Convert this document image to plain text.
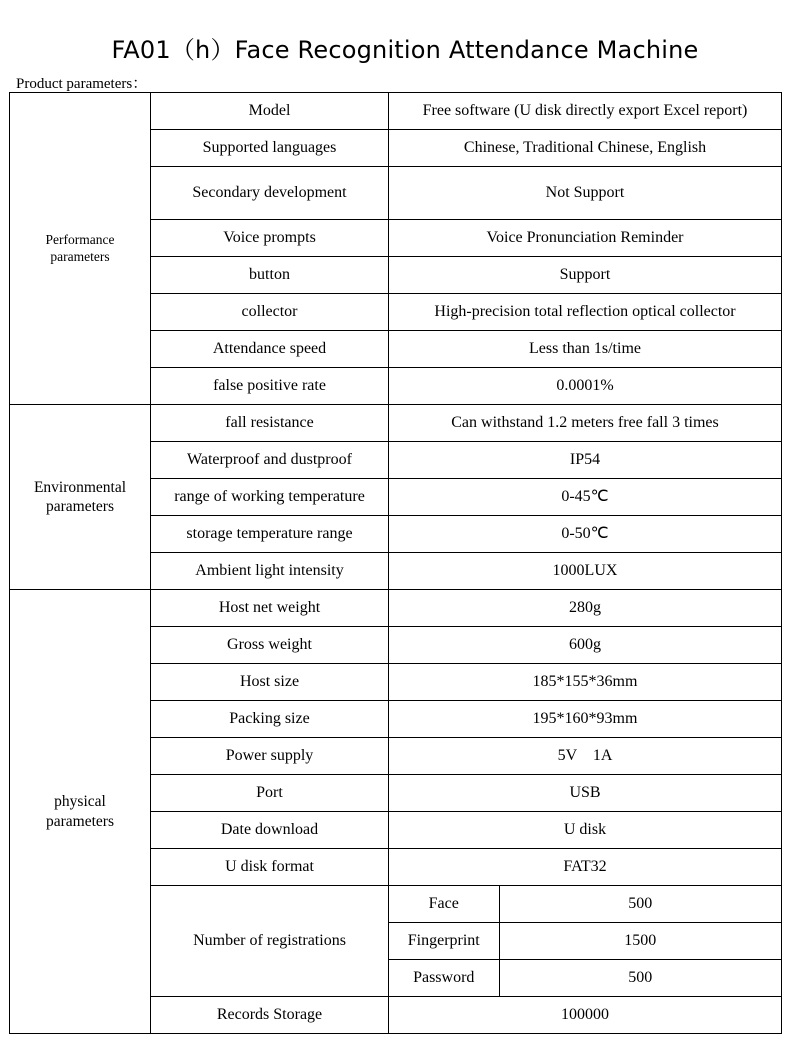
FA01（h）Face Recognition Attendance Machine
Product parameters：
Performance
parameters	Model	Free software (U disk directly export Excel report)
Supported languages	Chinese, Traditional Chinese, English
Secondary development	Not Support
Voice prompts	Voice Pronunciation Reminder
button	Support
collector	High-precision total reflection optical collector
Attendance speed	Less than 1s/time
false positive rate	0.0001%
Environmental
parameters	fall resistance	Can withstand 1.2 meters free fall 3 times
Waterproof and dustproof	IP54
range of working temperature	0-45℃
storage temperature range	0-50℃
Ambient light intensity	1000LUX
physical
parameters	Host net weight	280g
Gross weight	600g
Host size	185*155*36mm
Packing size	195*160*93mm
Power supply	5V　1A
Port	USB
Date download	U disk
U disk format	FAT32
Number of registrations	
Face	500
Fingerprint	1500
Password	500

Records Storage	100000
